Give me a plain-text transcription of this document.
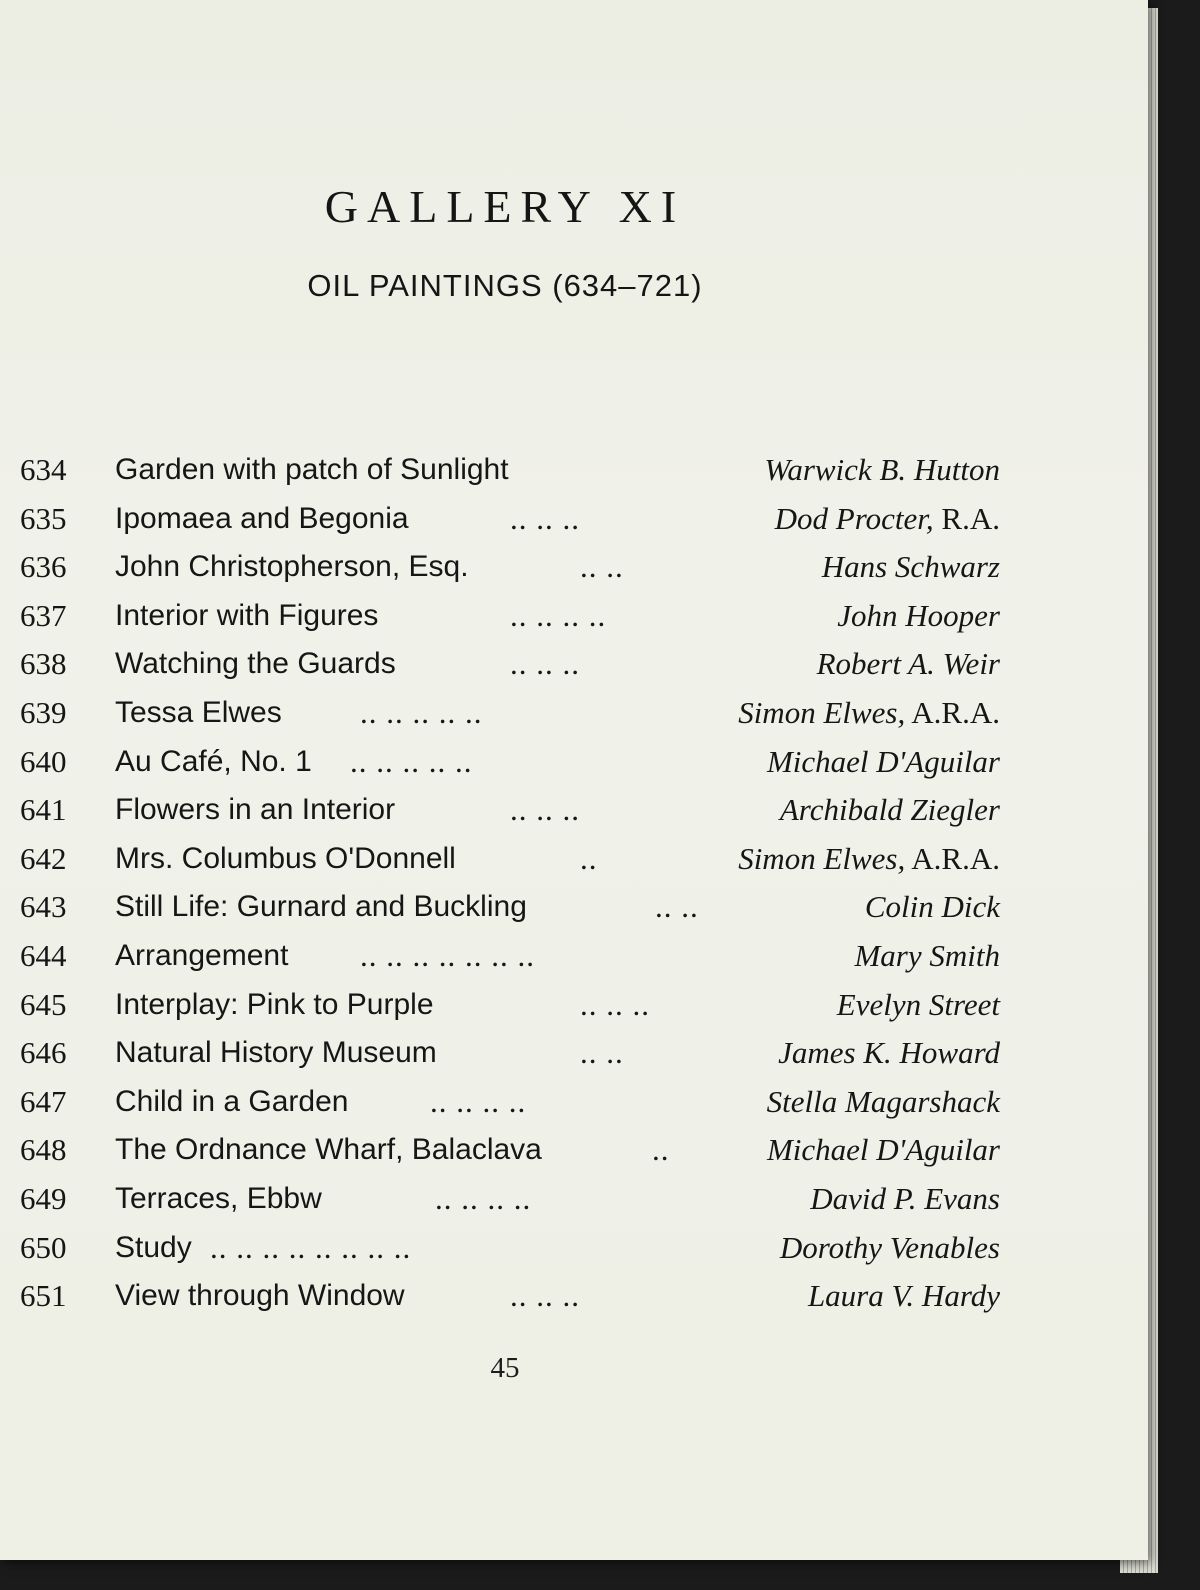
GALLERY XI
OIL PAINTINGS (634–721)
634 Garden with patch of Sunlight	Warwick B. Hutton
635 Ipomaea and Begonia	.. .. ..	Dod Procter, R.A.
636 John Christopherson, Esq.	.. ..	Hans Schwarz
637 Interior with Figures	.. .. .. ..	John Hooper
638 Watching the Guards	.. .. ..	Robert A. Weir
639 Tessa Elwes	.. .. .. .. ..	Simon Elwes, A.R.A.
640 Au Café, No. 1 .. .. .. .. ..	Michael D'Aguilar
641 Flowers in an Interior	.. .. ..	Archibald Ziegler
642 Mrs. Columbus O'Donnell	..	Simon Elwes, A.R.A.
643 Still Life: Gurnard and Buckling	.. ..	Colin Dick
644 Arrangement .. .. .. .. .. .. ..	Mary Smith
645 Interplay: Pink to Purple	.. .. ..	Evelyn Street
646 Natural History Museum	.. ..	James K. Howard
647 Child in a Garden	.. .. .. ..	Stella Magarshack
648 The Ordnance Wharf, Balaclava	..	Michael D'Aguilar
649 Terraces, Ebbw	.. .. .. ..	David P. Evans
650 Study .. .. .. .. .. .. .. ..	Dorothy Venables
651 View through Window	.. .. ..	Laura V. Hardy
45
